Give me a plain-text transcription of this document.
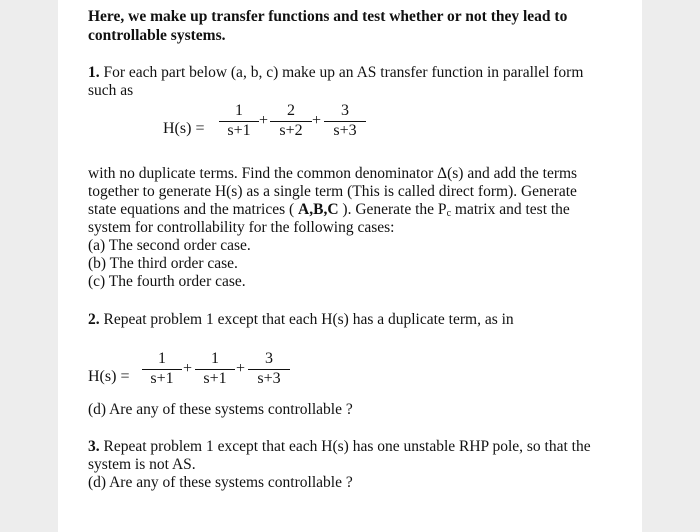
Here, we make up transfer functions and test whether or not they lead to
controllable systems.
1. For each part below (a, b, c) make up an AS transfer function in parallel form
such as
H(s) =
1
s+1
+
2
s+2
+
3
s+3
with no duplicate terms. Find the common denominator Δ(s) and add the terms
together to generate H(s) as a single term (This is called direct form). Generate
state equations and the matrices ( A,B,C ). Generate the $P_c$ matrix and test the
system for controllability for the following cases:
(a) The second order case.
(b) The third order case.
(c) The fourth order case.
2. Repeat problem 1 except that each H(s) has a duplicate term, as in
H(s) =
1
s+1
+
1
s+1
+
3
s+3
(d) Are any of these systems controllable ?
3. Repeat problem 1 except that each H(s) has one unstable RHP pole, so that the
system is not AS.
(d) Are any of these systems controllable ?
